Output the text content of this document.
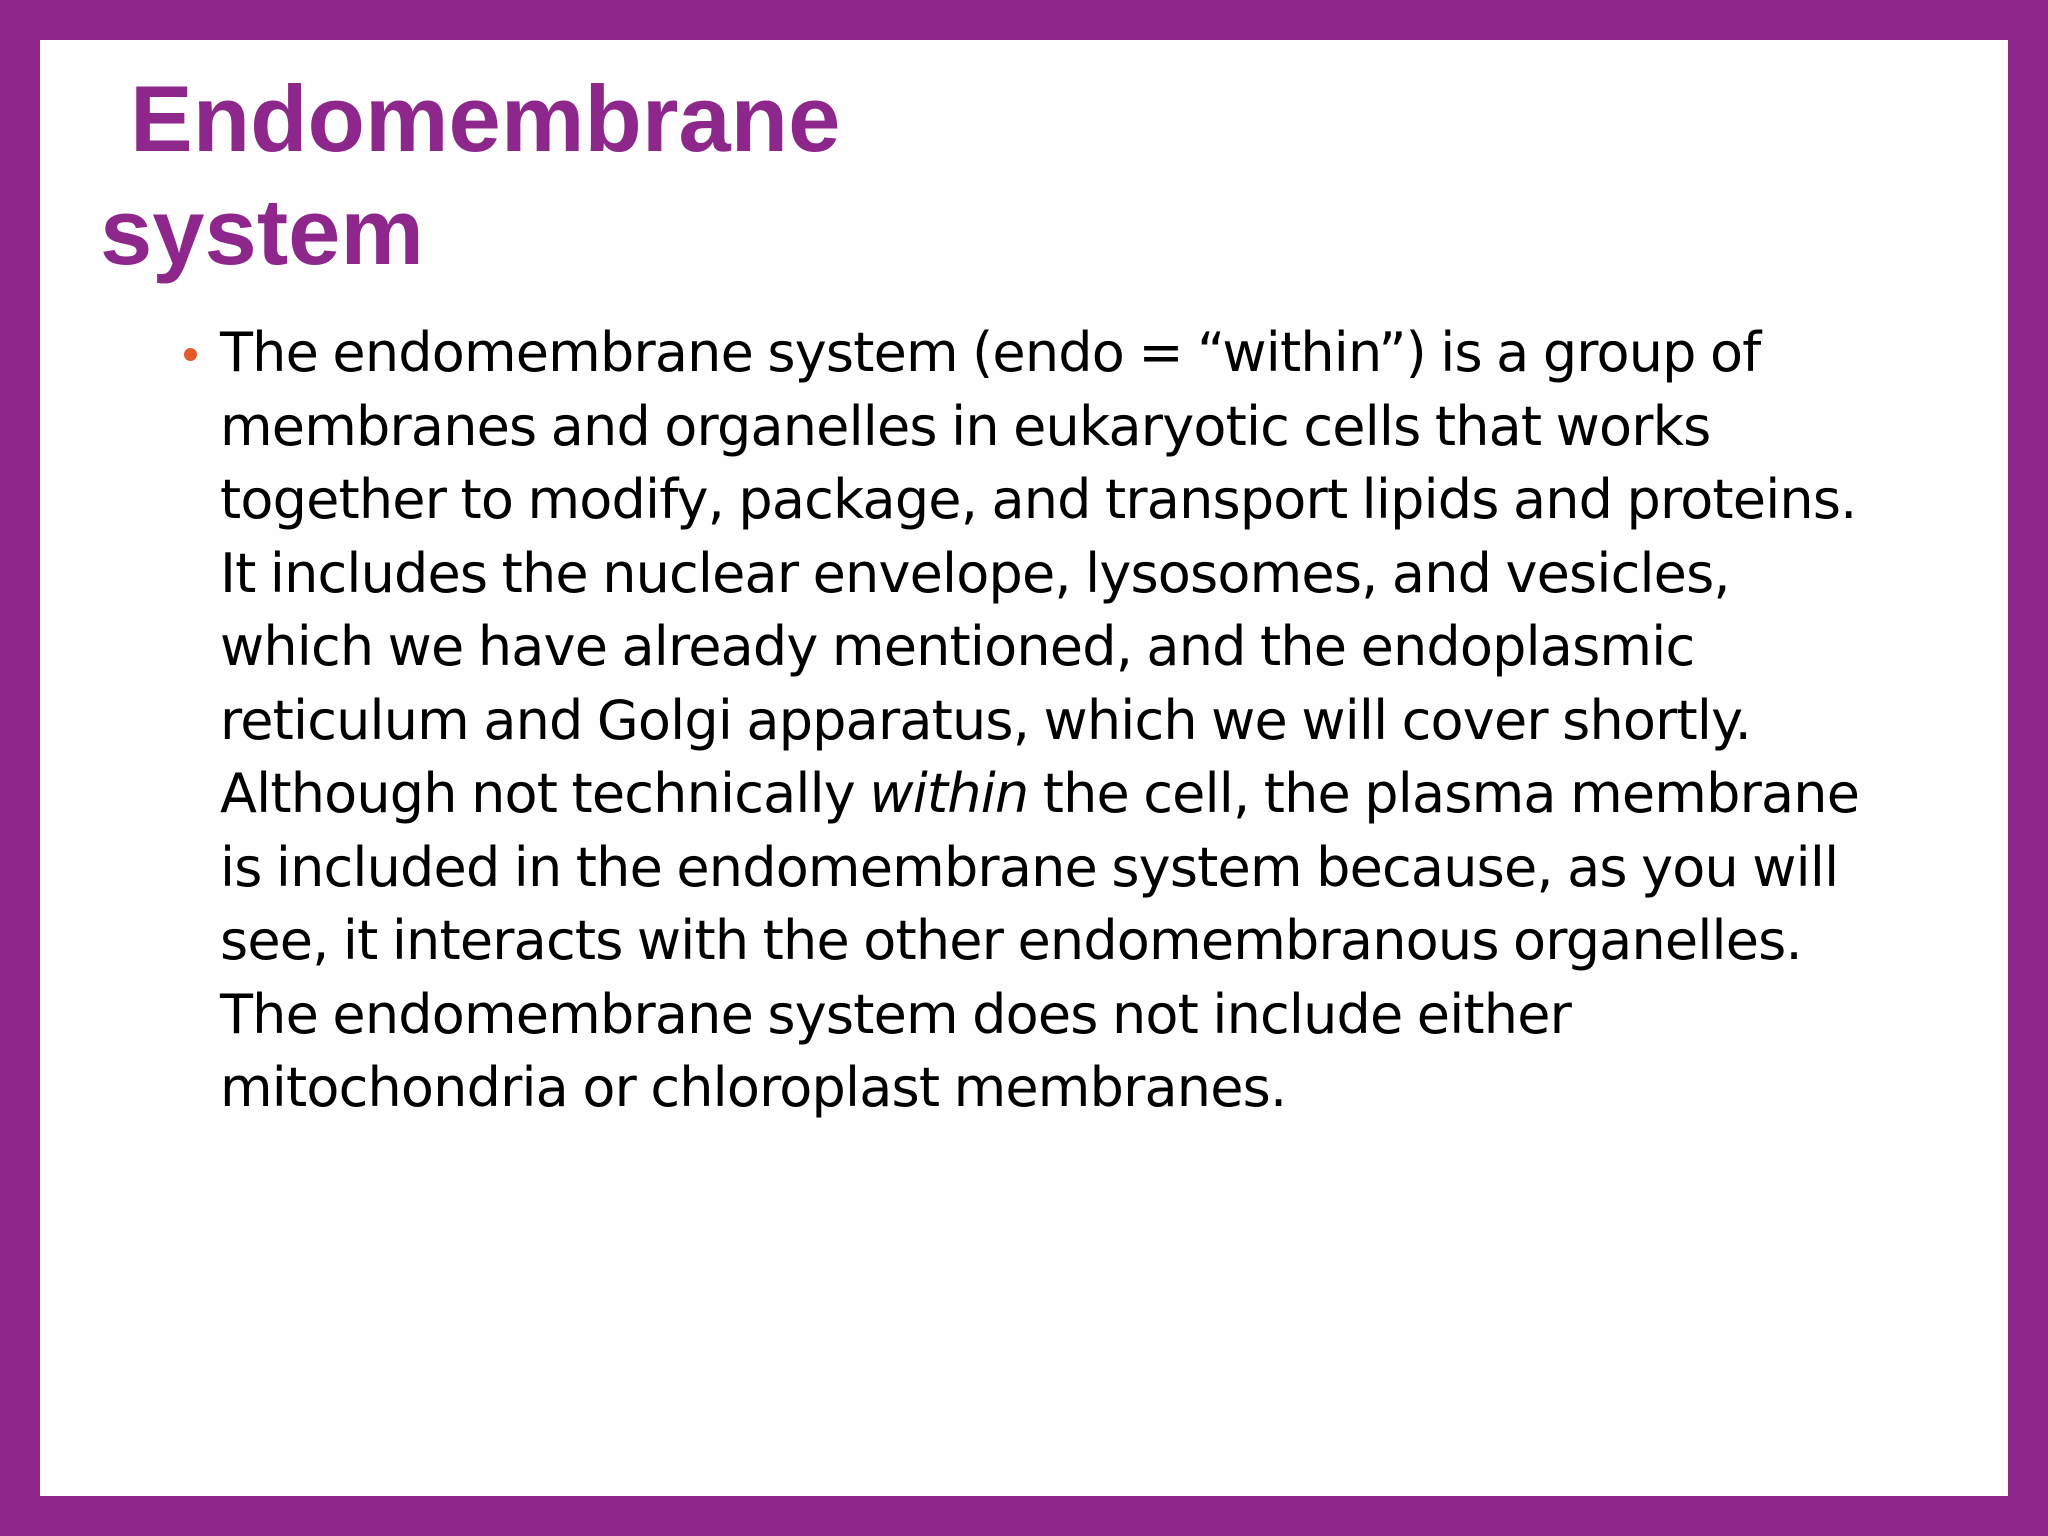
Endomembrane
system
The endomembrane system (endo = “within”) is a group of membranes and organelles in eukaryotic cells that works together to modify, package, and transport lipids and proteins. It includes the nuclear envelope, lysosomes, and vesicles, which we have already mentioned, and the endoplasmic reticulum and Golgi apparatus, which we will cover shortly. Although not technically within the cell, the plasma membrane is included in the endomembrane system because, as you will see, it interacts with the other endomembranous organelles. The endomembrane system does not include either mitochondria or chloroplast membranes.
